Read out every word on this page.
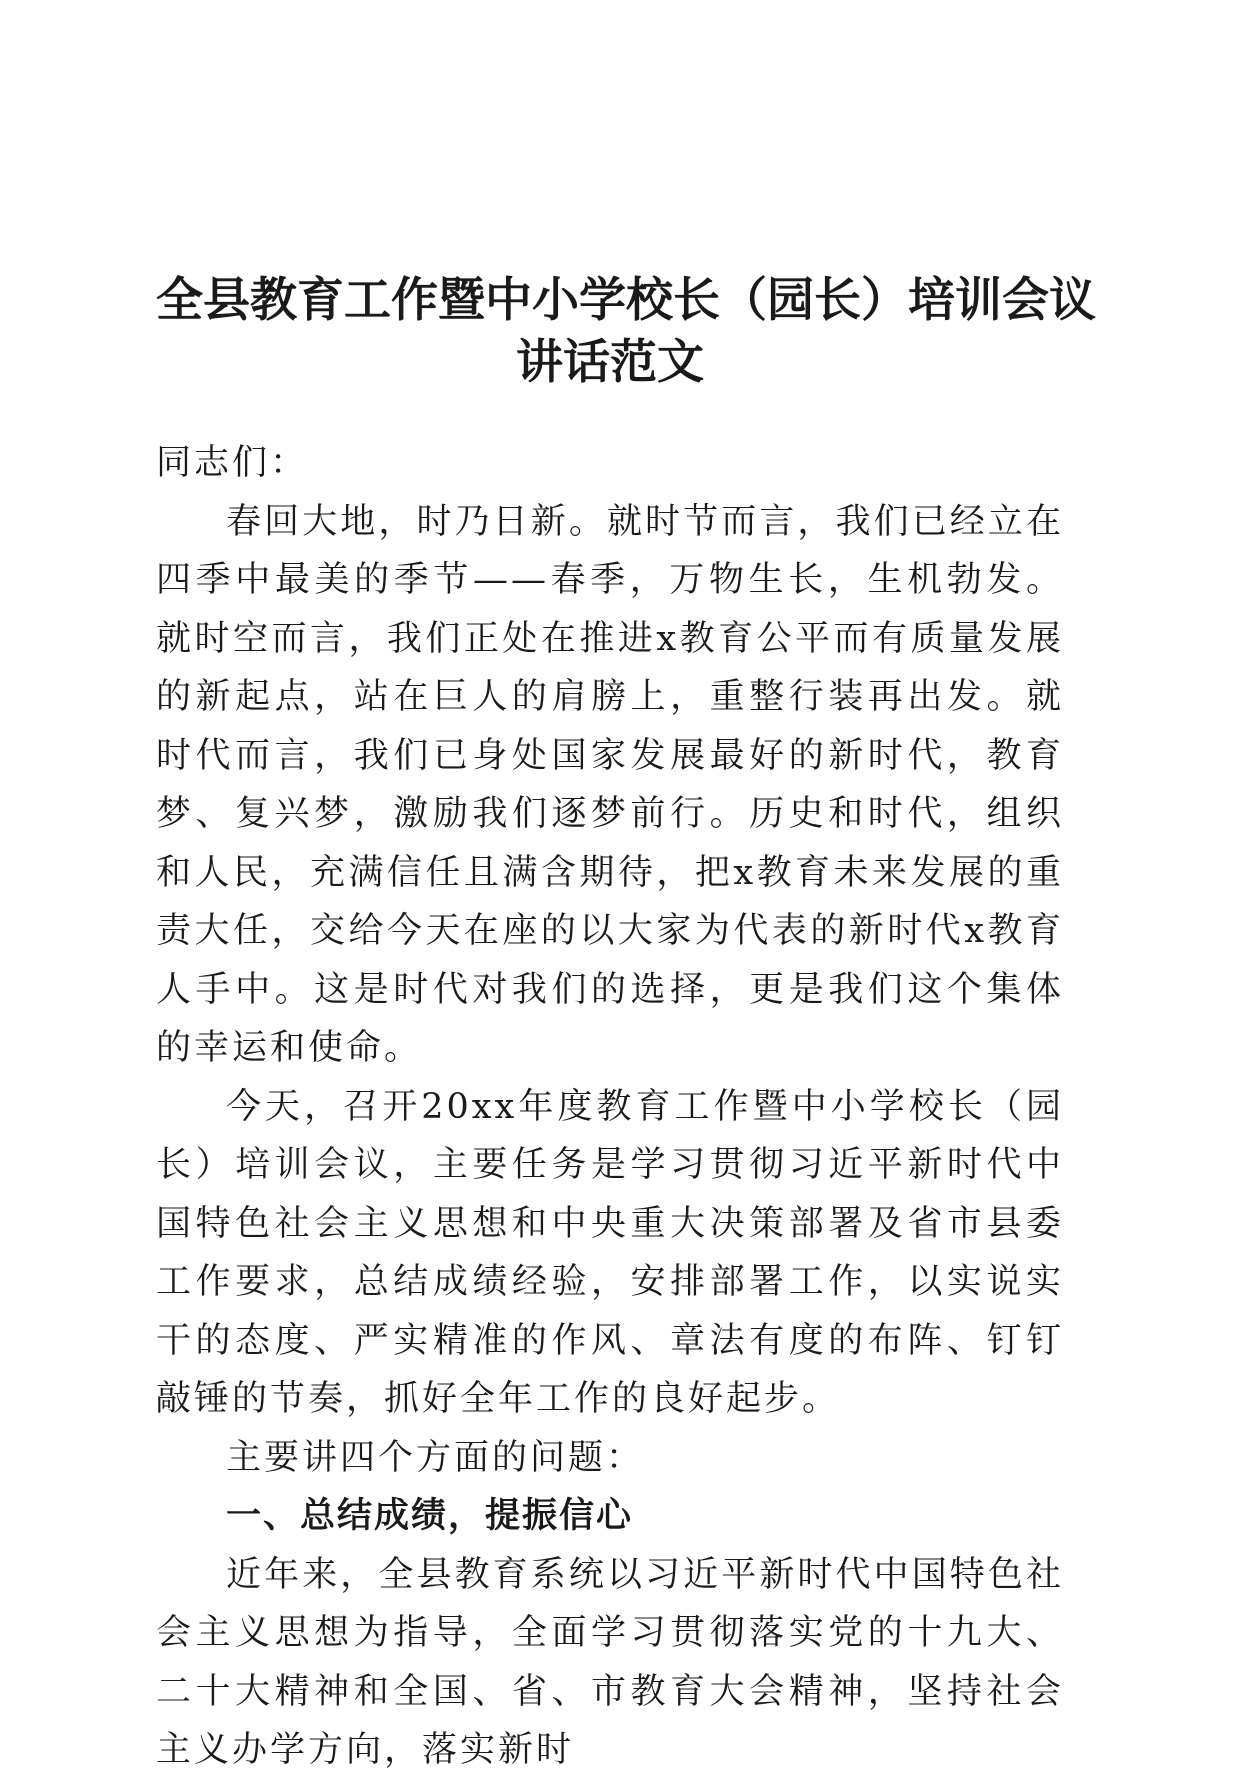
全县教育工作暨中小学校长（园长）培训会议
讲话范文

同志们：

春回大地，时乃日新。就时节而言，我们已经立在四季中最美的季节——春季，万物生长，生机勃发。就时空而言，我们正处在推进x教育公平而有质量发展的新起点，站在巨人的肩膀上，重整行装再出发。就时代而言，我们已身处国家发展最好的新时代，教育梦、复兴梦，激励我们逐梦前行。历史和时代，组织和人民，充满信任且满含期待，把x教育未来发展的重责大任，交给今天在座的以大家为代表的新时代x教育人手中。这是时代对我们的选择，更是我们这个集体的幸运和使命。

今天，召开20xx年度教育工作暨中小学校长（园长）培训会议，主要任务是学习贯彻习近平新时代中国特色社会主义思想和中央重大决策部署及省市县委工作要求，总结成绩经验，安排部署工作，以实说实干的态度、严实精准的作风、章法有度的布阵、钉钉敲锤的节奏，抓好全年工作的良好起步。

主要讲四个方面的问题：

一、总结成绩，提振信心

近年来，全县教育系统以习近平新时代中国特色社会主义思想为指导，全面学习贯彻落实党的十九大、二十大精神和全国、省、市教育大会精神，坚持社会主义办学方向，落实新时
